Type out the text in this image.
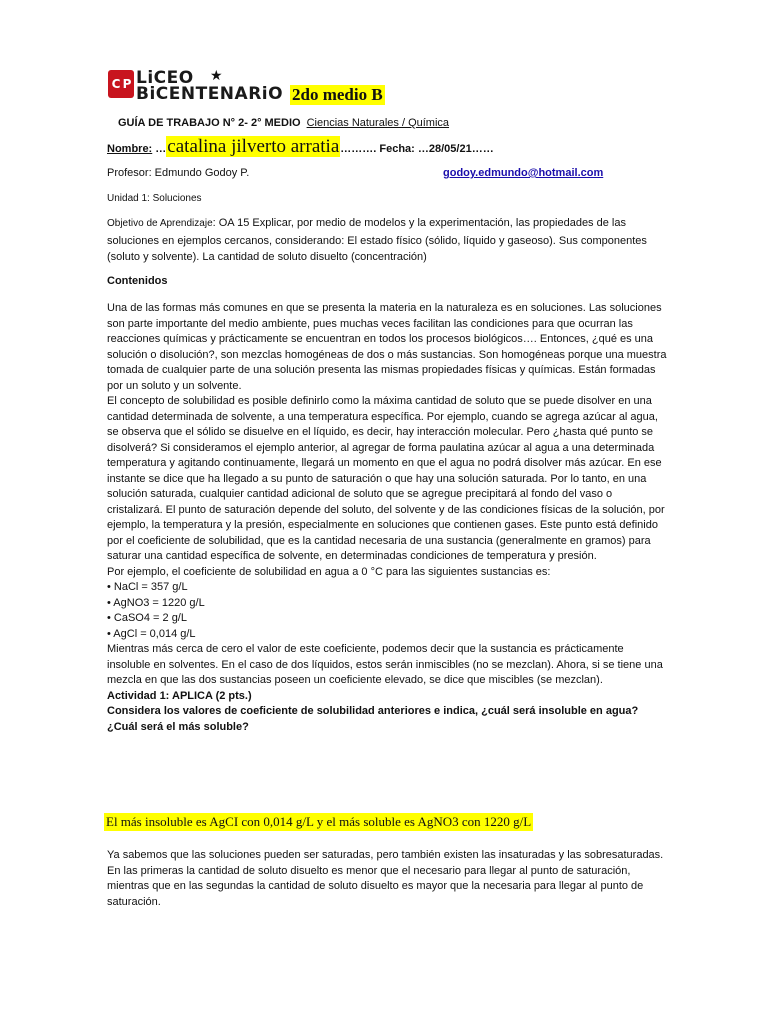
C P LiCEO ★
BiCENTENARiO 2do medio B
GUÍA DE TRABAJO N° 2- 2° MEDIO Ciencias Naturales / Química
Nombre: …catalina jilverto arratia………. Fecha: …28/05/21……
Profesor: Edmundo Godoy P.	godoy.edmundo@hotmail.com
Unidad 1: Soluciones
Objetivo de Aprendizaje: OA 15 Explicar, por medio de modelos y la experimentación, las propiedades de las soluciones en ejemplos cercanos, considerando: El estado físico (sólido, líquido y gaseoso). Sus componentes (soluto y solvente). La cantidad de soluto disuelto (concentración)
Contenidos
Una de las formas más comunes en que se presenta la materia en la naturaleza es en soluciones. Las soluciones son parte importante del medio ambiente, pues muchas veces facilitan las condiciones para que ocurran las reacciones químicas y prácticamente se encuentran en todos los procesos biológicos…. Entonces, ¿qué es una solución o disolución?, son mezclas homogéneas de dos o más sustancias. Son homogéneas porque una muestra tomada de cualquier parte de una solución presenta las mismas propiedades físicas y químicas. Están formadas por un soluto y un solvente.
El concepto de solubilidad es posible definirlo como la máxima cantidad de soluto que se puede disolver en una cantidad determinada de solvente, a una temperatura específica. Por ejemplo, cuando se agrega azúcar al agua, se observa que el sólido se disuelve en el líquido, es decir, hay interacción molecular. Pero ¿hasta qué punto se disolverá? Si consideramos el ejemplo anterior, al agregar de forma paulatina azúcar al agua a una determinada temperatura y agitando continuamente, llegará un momento en que el agua no podrá disolver más azúcar. En ese instante se dice que ha llegado a su punto de saturación o que hay una solución saturada. Por lo tanto, en una solución saturada, cualquier cantidad adicional de soluto que se agregue precipitará al fondo del vaso o cristalizará. El punto de saturación depende del soluto, del solvente y de las condiciones físicas de la solución, por ejemplo, la temperatura y la presión, especialmente en soluciones que contienen gases. Este punto está definido por el coeficiente de solubilidad, que es la cantidad necesaria de una sustancia (generalmente en gramos) para saturar una cantidad específica de solvente, en determinadas condiciones de temperatura y presión.
Por ejemplo, el coeficiente de solubilidad en agua a 0 °C para las siguientes sustancias es:
• NaCl = 357 g/L
• AgNO3 = 1220 g/L
• CaSO4 = 2 g/L
• AgCl = 0,014 g/L
Mientras más cerca de cero el valor de este coeficiente, podemos decir que la sustancia es prácticamente insoluble en solventes. En el caso de dos líquidos, estos serán inmiscibles (no se mezclan). Ahora, si se tiene una mezcla en que las dos sustancias poseen un coeficiente elevado, se dice que miscibles (se mezclan).
Actividad 1: APLICA (2 pts.)
Considera los valores de coeficiente de solubilidad anteriores e indica, ¿cuál será insoluble en agua? ¿Cuál será el más soluble?
El más insoluble es AgCI con 0,014 g/L y el más soluble es AgNO3 con 1220 g/L
Ya sabemos que las soluciones pueden ser saturadas, pero también existen las insaturadas y las sobresaturadas. En las primeras la cantidad de soluto disuelto es menor que el necesario para llegar al punto de saturación, mientras que en las segundas la cantidad de soluto disuelto es mayor que la necesaria para llegar al punto de saturación.
